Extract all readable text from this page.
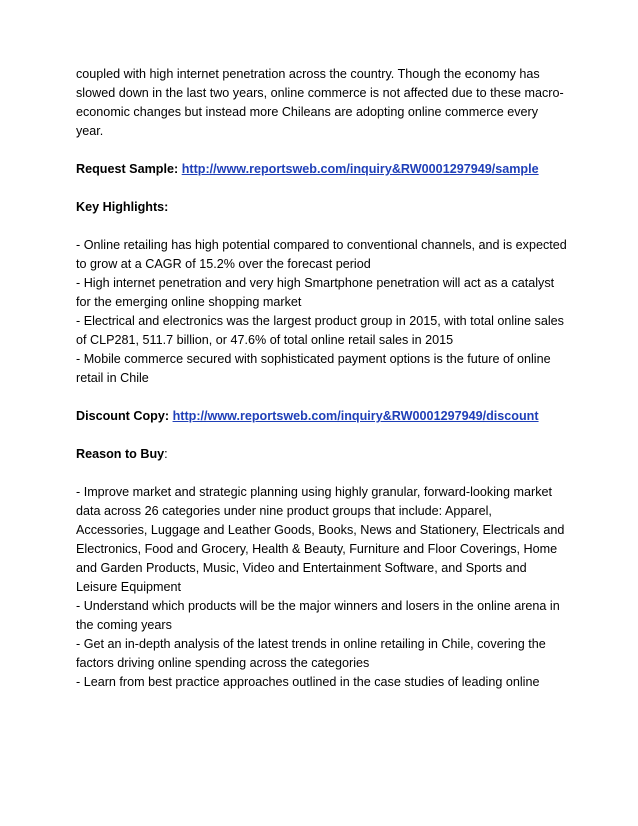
coupled with high internet penetration across the country. Though the economy has
slowed down in the last two years, online commerce is not affected due to these macro-
economic changes but instead more Chileans are adopting online commerce every
year.
Request Sample: http://www.reportsweb.com/inquiry&RW0001297949/sample
Key Highlights:
- Online retailing has high potential compared to conventional channels, and is expected
to grow at a CAGR of 15.2% over the forecast period
- High internet penetration and very high Smartphone penetration will act as a catalyst
for the emerging online shopping market
- Electrical and electronics was the largest product group in 2015, with total online sales
of CLP281, 511.7 billion, or 47.6% of total online retail sales in 2015
- Mobile commerce secured with sophisticated payment options is the future of online
retail in Chile
Discount Copy: http://www.reportsweb.com/inquiry&RW0001297949/discount
Reason to Buy:
- Improve market and strategic planning using highly granular, forward-looking market
data across 26 categories under nine product groups that include: Apparel,
Accessories, Luggage and Leather Goods, Books, News and Stationery, Electricals and
Electronics, Food and Grocery, Health & Beauty, Furniture and Floor Coverings, Home
and Garden Products, Music, Video and Entertainment Software, and Sports and
Leisure Equipment
- Understand which products will be the major winners and losers in the online arena in
the coming years
- Get an in-depth analysis of the latest trends in online retailing in Chile, covering the
factors driving online spending across the categories
- Learn from best practice approaches outlined in the case studies of leading online
